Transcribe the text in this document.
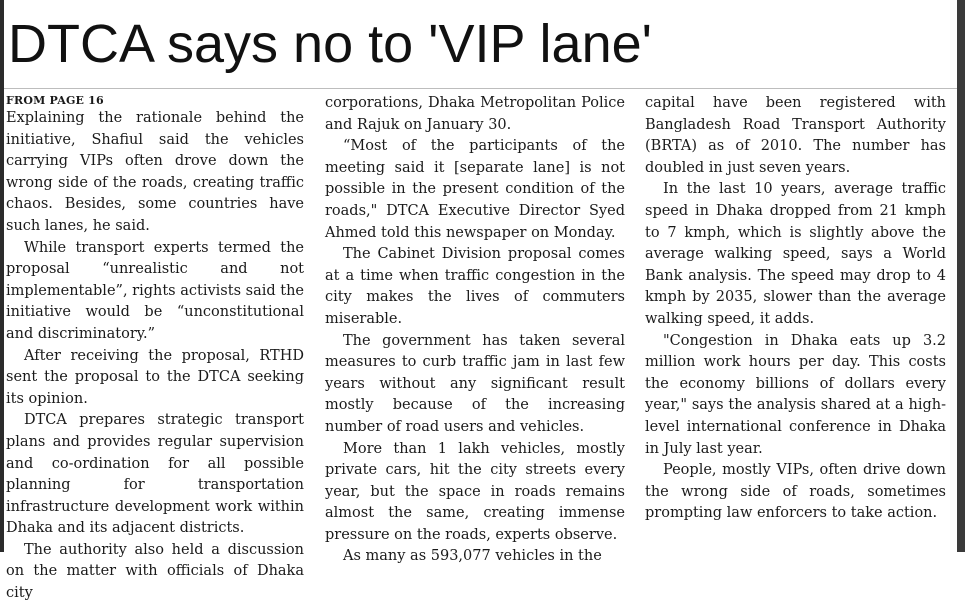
DTCA says no to 'VIP lane'
FROM PAGE 16

Explaining the rationale behind the initiative, Shafiul said the vehicles carrying VIPs often drove down the wrong side of the roads, creating traffic chaos. Besides, some countries have such lanes, he said.

While transport experts termed the proposal “unrealistic and not implementable”, rights activists said the initiative would be “unconstitutional and discriminatory.”

After receiving the proposal, RTHD sent the proposal to the DTCA seeking its opinion.

DTCA prepares strategic transport plans and provides regular supervision and co-ordination for all possible planning for transportation infrastructure development work within Dhaka and its adjacent districts.

The authority also held a discussion on the matter with officials of Dhaka city

corporations, Dhaka Metropolitan Police and Rajuk on January 30.

“Most of the participants of the meeting said it [separate lane] is not possible in the present condition of the roads," DTCA Executive Director Syed Ahmed told this newspaper on Monday.

The Cabinet Division proposal comes at a time when traffic congestion in the city makes the lives of commuters miserable.

The government has taken several measures to curb traffic jam in last few years without any significant result mostly because of the increasing number of road users and vehicles.

More than 1 lakh vehicles, mostly private cars, hit the city streets every year, but the space in roads remains almost the same, creating immense pressure on the roads, experts observe.

As many as 593,077 vehicles in the

capital have been registered with Bangladesh Road Transport Authority (BRTA) as of 2010. The number has doubled in just seven years.

In the last 10 years, average traffic speed in Dhaka dropped from 21 kmph to 7 kmph, which is slightly above the average walking speed, says a World Bank analysis. The speed may drop to 4 kmph by 2035, slower than the average walking speed, it adds.

"Congestion in Dhaka eats up 3.2 million work hours per day. This costs the economy billions of dollars every year," says the analysis shared at a high-level international conference in Dhaka in July last year.

People, mostly VIPs, often drive down the wrong side of roads, sometimes prompting law enforcers to take action.
